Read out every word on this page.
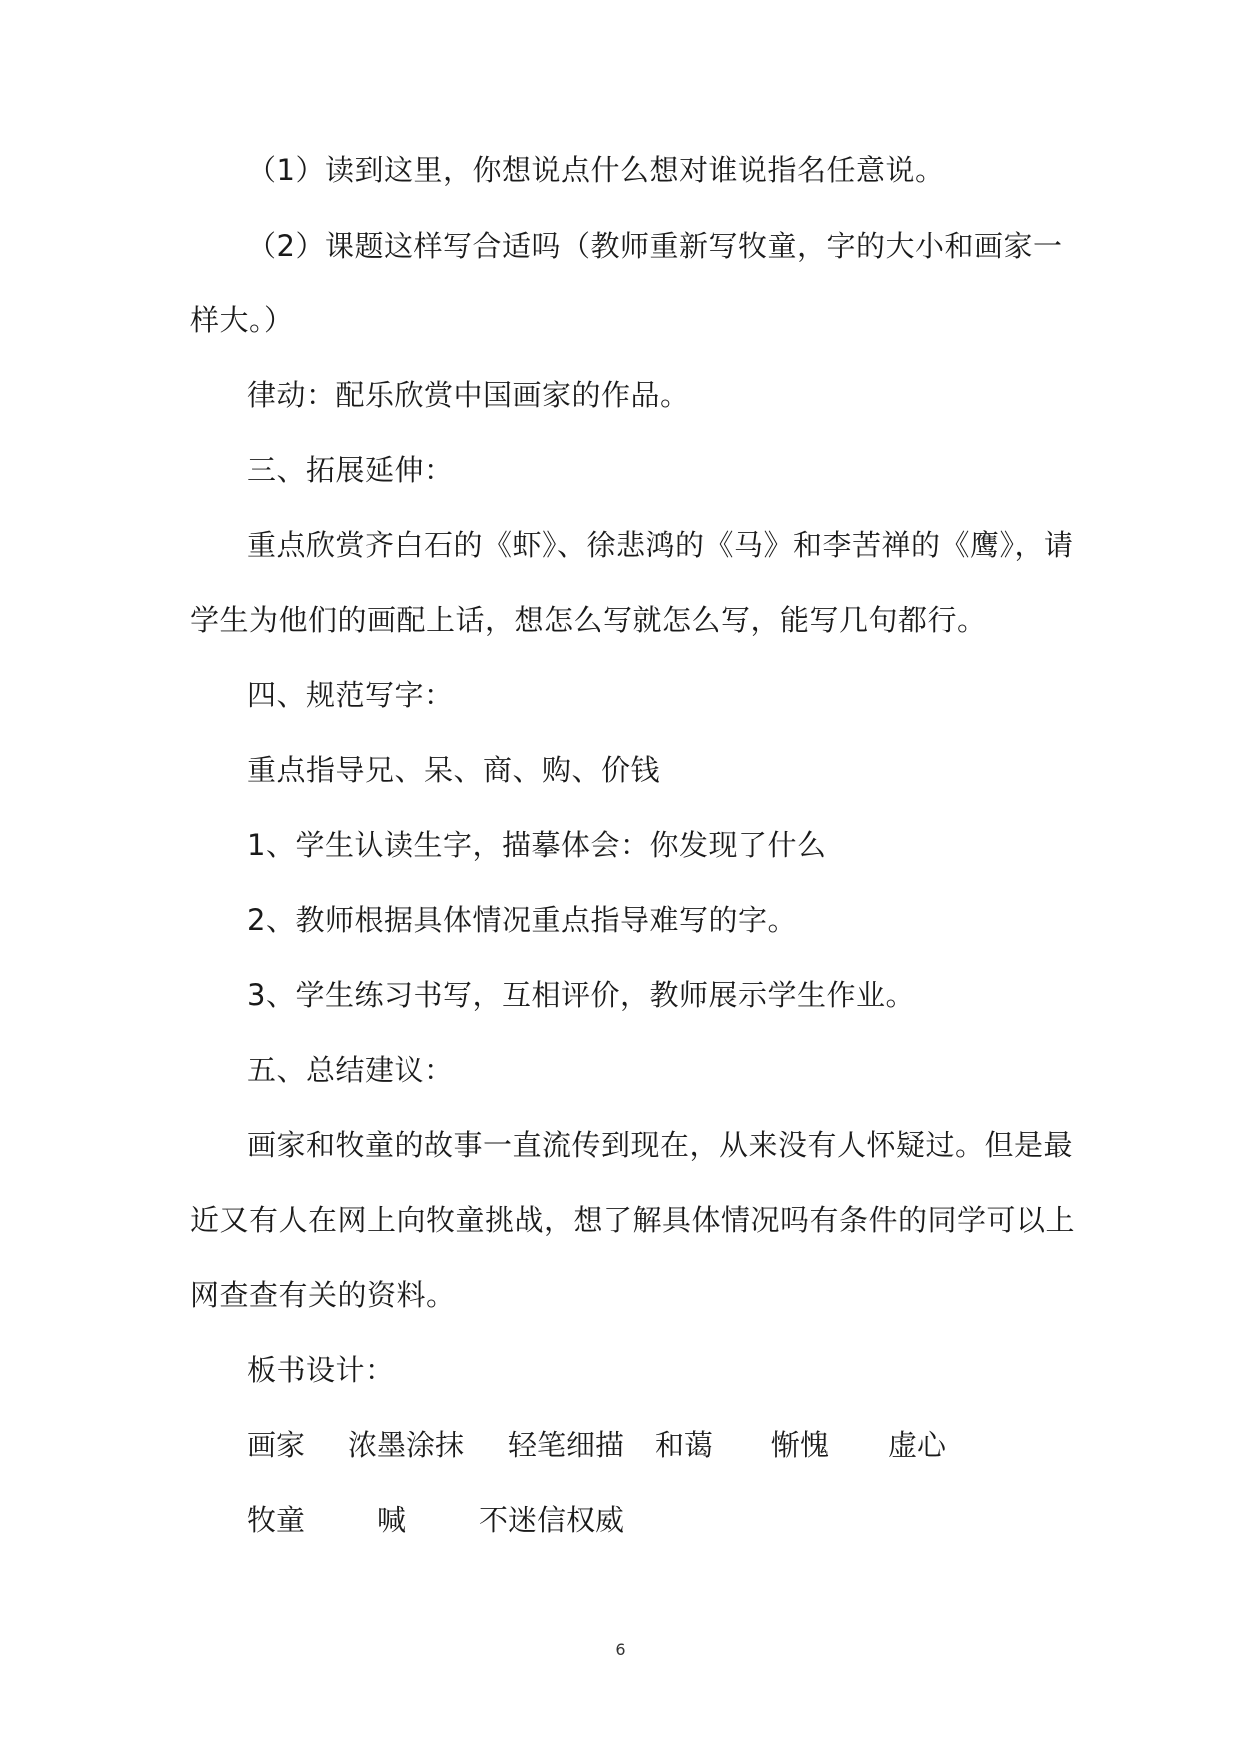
（1）读到这里，你想说点什么想对谁说指名任意说。
（2）课题这样写合适吗（教师重新写牧童，字的大小和画家一
样大。）
律动：配乐欣赏中国画家的作品。
三、拓展延伸：
重点欣赏齐白石的《虾》、徐悲鸿的《马》和李苦禅的《鹰》，请
学生为他们的画配上话，想怎么写就怎么写，能写几句都行。
四、规范写字：
重点指导兄、呆、商、购、价钱
1、学生认读生字，描摹体会：你发现了什么
2、教师根据具体情况重点指导难写的字。
3、学生练习书写，互相评价，教师展示学生作业。
五、总结建议：
画家和牧童的故事一直流传到现在，从来没有人怀疑过。但是最
近又有人在网上向牧童挑战，想了解具体情况吗有条件的同学可以上
网查查有关的资料。
板书设计：
画家 浓墨涂抹 轻笔细描 和蔼 惭愧 虚心
牧童 喊	不迷信权威
6
